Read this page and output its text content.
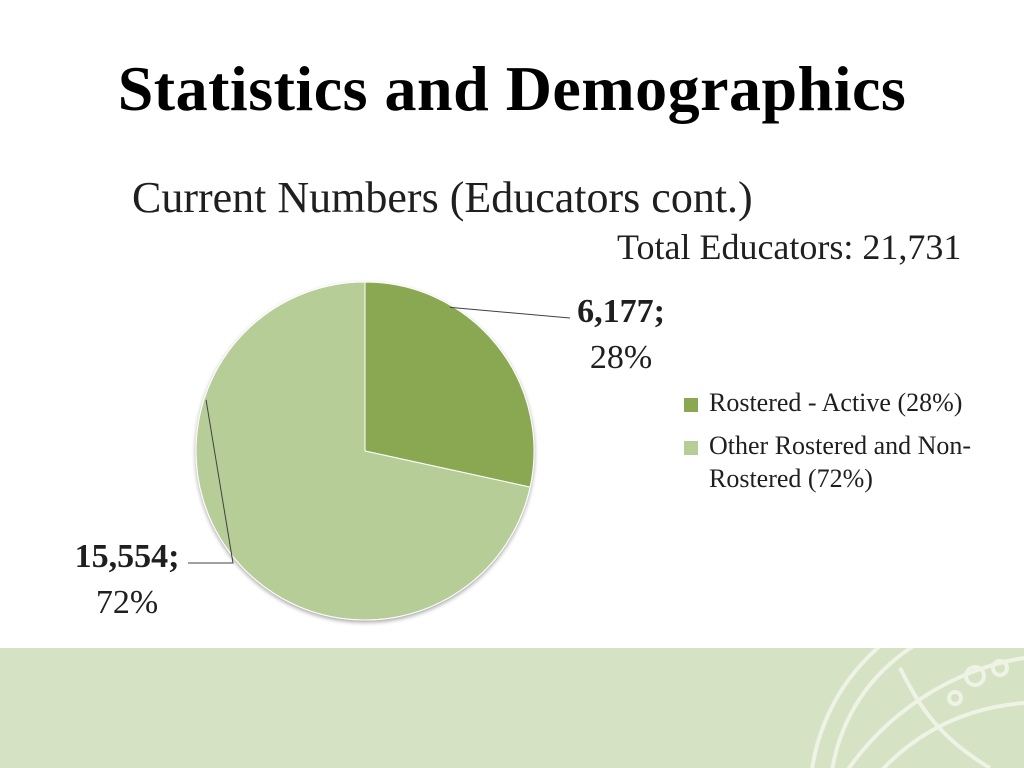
Statistics and Demographics
Current Numbers (Educators cont.)
Total Educators: 21,731
6,177;
28%
15,554;
72%
Rostered - Active (28%)
Other Rostered and Non-Rostered (72%)
